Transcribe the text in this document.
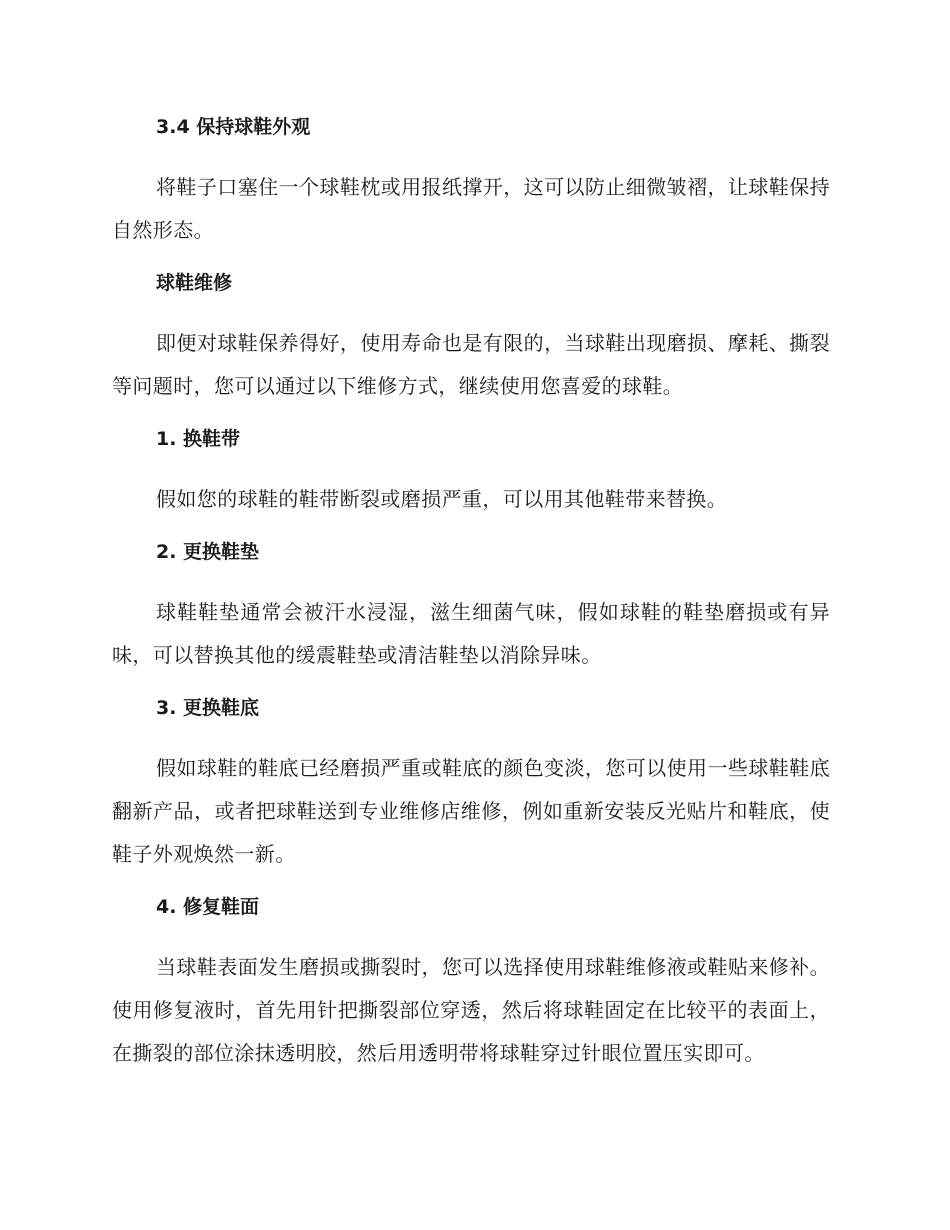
3.4 保持球鞋外观

将鞋子口塞住一个球鞋枕或用报纸撑开，这可以防止细微皱褶，让球鞋保持自然形态。

球鞋维修

即便对球鞋保养得好，使用寿命也是有限的，当球鞋出现磨损、摩耗、撕裂等问题时，您可以通过以下维修方式，继续使用您喜爱的球鞋。

1. 换鞋带

假如您的球鞋的鞋带断裂或磨损严重，可以用其他鞋带来替换。

2. 更换鞋垫

球鞋鞋垫通常会被汗水浸湿，滋生细菌气味，假如球鞋的鞋垫磨损或有异味，可以替换其他的缓震鞋垫或清洁鞋垫以消除异味。

3. 更换鞋底

假如球鞋的鞋底已经磨损严重或鞋底的颜色变淡，您可以使用一些球鞋鞋底翻新产品，或者把球鞋送到专业维修店维修，例如重新安装反光贴片和鞋底，使鞋子外观焕然一新。

4. 修复鞋面

当球鞋表面发生磨损或撕裂时，您可以选择使用球鞋维修液或鞋贴来修补。使用修复液时，首先用针把撕裂部位穿透，然后将球鞋固定在比较平的表面上，在撕裂的部位涂抹透明胶，然后用透明带将球鞋穿过针眼位置压实即可。
